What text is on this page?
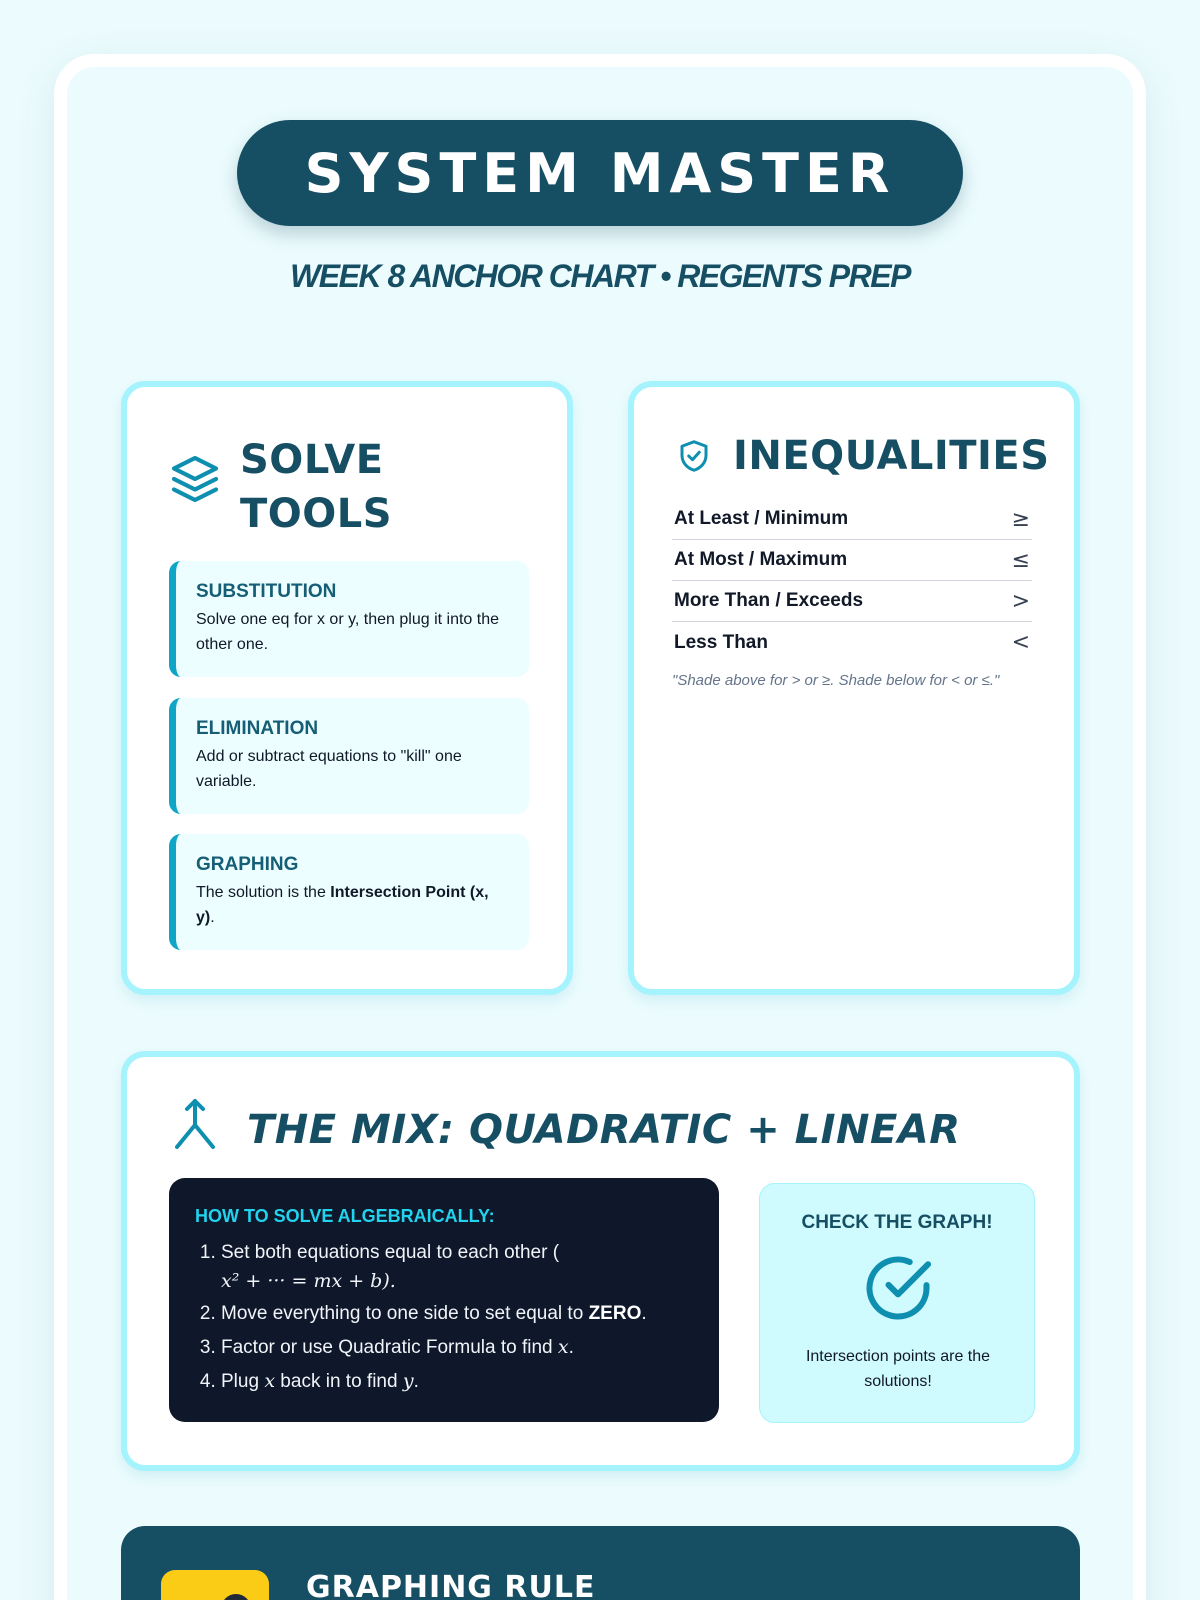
SYSTEM MASTER
WEEK 8 ANCHOR CHART • REGENTS PREP
SOLVE
TOOLS
SUBSTITUTION
Solve one eq for x or y, then plug it into the other one.
ELIMINATION
Add or subtract equations to "kill" one variable.
GRAPHING
The solution is the Intersection Point (x, y).
INEQUALITIES
At Least / Minimum	≥
At Most / Maximum	≤
More Than / Exceeds	>
Less Than	<
"Shade above for > or ≥. Shade below for < or ≤."
THE MIX: QUADRATIC + LINEAR
HOW TO SOLVE ALGEBRAICALLY:
1. Set both equations equal to each other (
x² + ··· = mx + b).
2. Move everything to one side to set equal to ZERO.
3. Factor or use Quadratic Formula to find x.
4. Plug x back in to find y.
CHECK THE GRAPH!
Intersection points are the solutions!
GRAPHING RULE
